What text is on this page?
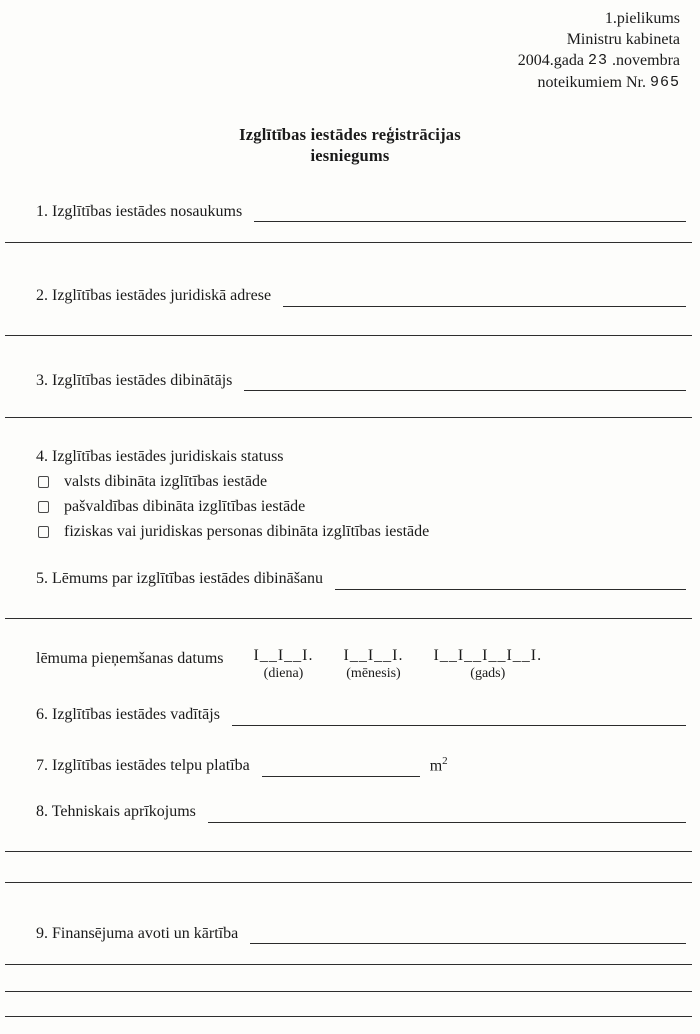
1.pielikums
Ministru kabineta
2004.gada 23 .novembra
noteikumiem Nr. 965
Izglītības iestādes reģistrācijas
iesniegums
1. Izglītības iestādes nosaukums
2. Izglītības iestādes juridiskā adrese
3. Izglītības iestādes dibinātājs
4. Izglītības iestādes juridiskais statuss
valsts dibināta izglītības iestāde
pašvaldības dibināta izglītības iestāde
fiziskas vai juridiskas personas dibināta izglītības iestāde
5. Lēmums par izglītības iestādes dibināšanu
lēmuma pieņemšanas datums I__I__I.
(diena)
I__I__I.
(mēnesis)
I__I__I__I__I.
(gads)
6. Izglītības iestādes vadītājs
7. Izglītības iestādes telpu platība	$m^2$
8. Tehniskais aprīkojums
9. Finansējuma avoti un kārtība
